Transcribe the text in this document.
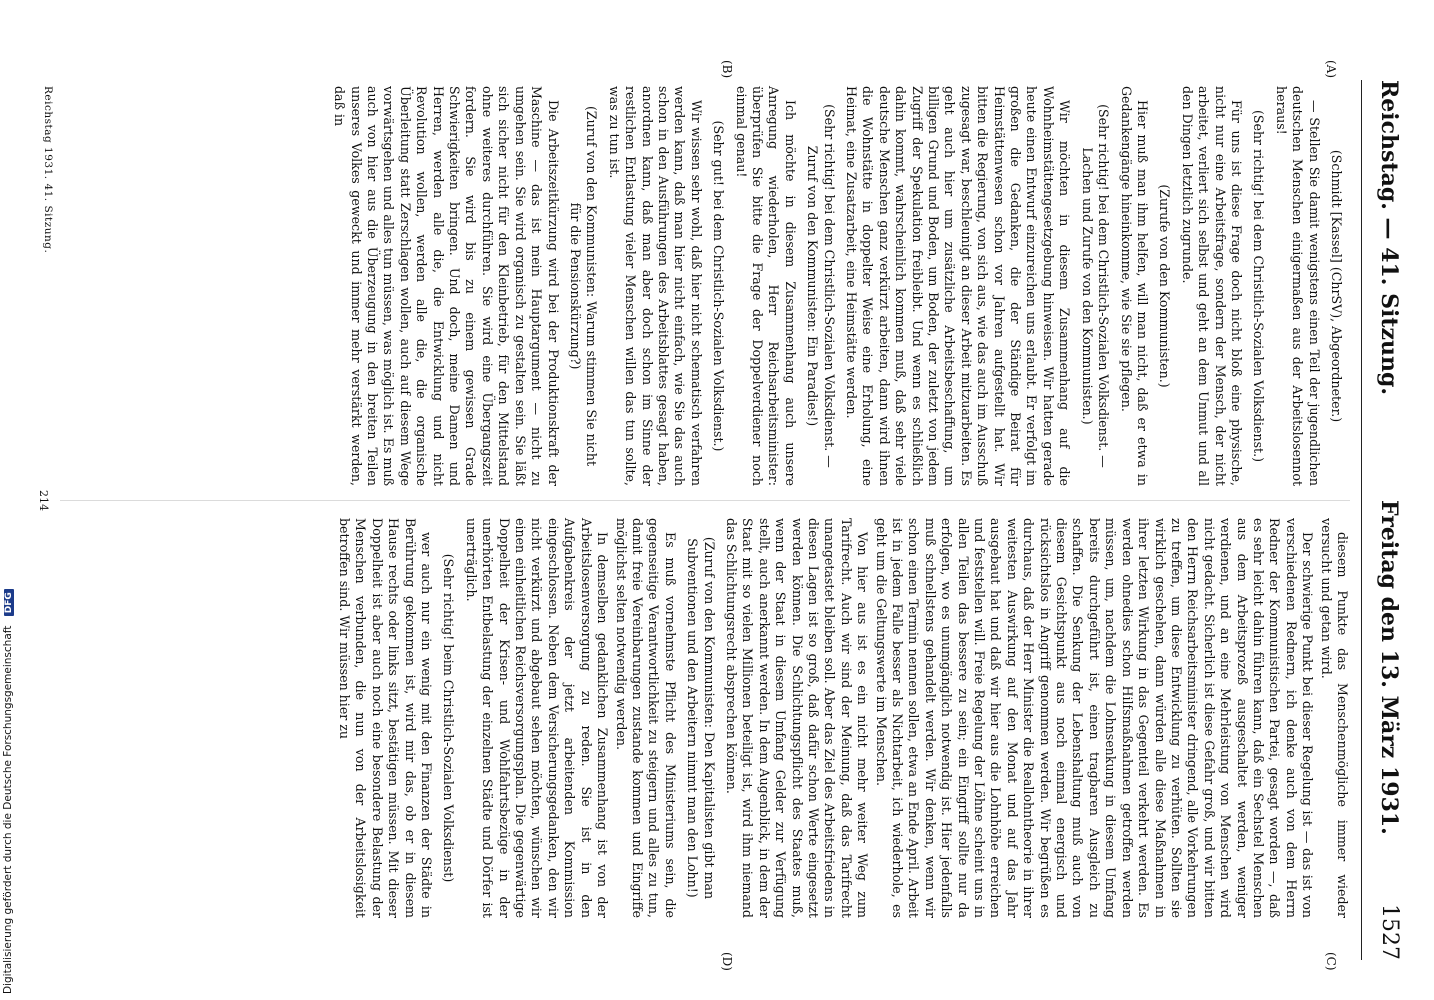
Reichstag. — 41. Sitzung.
Freitag den 13. März 1931.
1527
(A)
(B)
(C)
(D)

(Schmidt [Kassel] (ChrSV), Abgeordneter.)

— Stellen Sie damit wenigstens einen Teil der jugendlichen deutschen Menschen einigermaßen aus der Arbeitslosennot heraus!

(Sehr richtig! bei dem Christlich-Sozialen Volksdienst.)

Für uns ist diese Frage doch nicht bloß eine physische, nicht nur eine Arbeitsfrage, sondern der Mensch, der nicht arbeitet, verliert sich selbst und geht an dem Unmut und all den Dingen letztlich zugrunde.

(Zurufe von den Kommunisten.)

Hier muß man ihm helfen, will man nicht, daß er etwa in Gedankengänge hineinkomme, wie Sie sie pflegen.

(Sehr richtig! bei dem Christlich-Sozialen Volksdienst. — Lachen und Zurufe von den Kommunisten.)

Wir möchten in diesem Zusammenhang auf die Wohnheimstättengesetzgebung hinweisen. Wir hatten gerade heute einen Entwurf einzureichen uns erlaubt. Er verfolgt im großen die Gedanken, die der Ständige Beirat für Heimstättenwesen schon vor Jahren aufgestellt hat. Wir bitten die Regierung, von sich aus, wie das auch im Ausschuß zugesagt war, beschleunigt an dieser Arbeit mitzuarbeiten. Es geht auch hier um zusätzliche Arbeitsbeschaffung, um billigen Grund und Boden, um Boden, der zuletzt von jedem Zugriff der Spekulation freibleibt. Und wenn es schließlich dahin kommt, wahrscheinlich kommen muß, daß sehr viele deutsche Menschen ganz verkürzt arbeiten, dann wird ihnen die Wohnstätte in doppelter Weise eine Erholung, eine Heimat, eine Zusatzarbeit, eine Heimstätte werden.

(Sehr richtig! bei dem Christlich-Sozialen Volksdienst. — Zuruf von den Kommunisten: Ein Paradies!)

Ich möchte in diesem Zusammenhang auch unsere Anregung wiederholen, Herr Reichsarbeitsminister: überprüfen Sie bitte die Frage der Doppelverdiener noch einmal genau!

(Sehr gut! bei dem Christlich-Sozialen Volksdienst.)

Wir wissen sehr wohl, daß hier nicht schematisch verfahren werden kann, daß man hier nicht einfach, wie Sie das auch schon in den Ausführungen des Arbeitsblattes gesagt haben, anordnen kann, daß man aber doch schon im Sinne der restlichen Entlastung vieler Menschen willen das tun sollte, was zu tun ist.

(Zuruf von den Kommunisten: Warum stimmen Sie nicht für die Pensionskürzung?)

Die Arbeitszeitkürzung wird bei der Produktionskraft der Maschine — das ist mein Hauptargument — nicht zu umgehen sein. Sie wird organisch zu gestalten sein. Sie läßt sich sicher nicht für den Kleinbetrieb, für den Mittelstand ohne weiteres durchführen. Sie wird eine Übergangszeit fordern. Sie wird bis zu einem gewissen Grade Schwierigkeiten bringen. Und doch, meine Damen und Herren, werden alle die, die Entwicklung und nicht Revolution wollen, werden alle die, die organische Überleitung statt Zerschlagen wollen, auch auf diesem Wege vorwärtsgehen und alles tun müssen, was möglich ist. Es muß auch von hier aus die Überzeugung in den breiten Teilen unseres Volkes geweckt und immer mehr verstärkt werden, daß in

diesem Punkte das Menschenmögliche immer wieder versucht und getan wird.

Der schwierige Punkt bei dieser Regelung ist — das ist von verschiedenen Rednern, ich denke auch von dem Herrn Redner der Kommunistischen Partei, gesagt worden —, daß es sehr leicht dahin führen kann, daß ein Sechstel Menschen aus dem Arbeitsprozeß ausgeschaltet werden, weniger verdienen, und an eine Mehrleistung von Menschen wird nicht gedacht. Sicherlich ist diese Gefahr groß, und wir bitten den Herrn Reichsarbeitsminister dringend, alle Vorkehrungen zu treffen, um diese Entwicklung zu verhüten. Sollten sie wirklich geschehen, dann würden alle diese Maßnahmen in ihrer letzten Wirkung in das Gegenteil verkehrt werden. Es werden ohnedies schon Hilfsmaßnahmen getroffen werden müssen, um, nachdem die Lohnsenkung in diesem Umfang bereits durchgeführt ist, einen tragbaren Ausgleich zu schaffen. Die Senkung der Lebenshaltung muß auch von diesem Gesichtspunkt aus noch einmal energisch und rücksichtslos in Angriff genommen werden. Wir begrüßen es durchaus, daß der Herr Minister die Reallohntheorie in ihrer weitesten Auswirkung auf den Monat und auf das Jahr ausgebaut hat und daß wir hier aus die Lohnhöhe erreichen und feststellen will. Freie Regelung der Löhne scheint uns in allen Teilen das bessere zu sein; ein Eingriff sollte nur da erfolgen, wo es unumgänglich notwendig ist. Hier jedenfalls muß schnellstens gehandelt werden. Wir denken, wenn wir schon einen Termin nennen sollen, etwa an Ende April. Arbeit ist in jedem Falle besser als Nichtarbeit, ich wiederhole, es geht um die Geltungswerte im Menschen.

Von hier aus ist es ein nicht mehr weiter Weg zum Tarifrecht. Auch wir sind der Meinung, daß das Tarifrecht unangetastet bleiben soll. Aber das Ziel des Arbeitsfriedens in diesen Lagen ist so groß, daß dafür schon Werte eingesetzt werden können. Die Schlichtungspflicht des Staates muß, wenn der Staat in diesem Umfang Gelder zur Verfügung stellt, auch anerkannt werden. In dem Augenblick, in dem der Staat mit so vielen Millionen beteiligt ist, wird ihm niemand das Schlichtungsrecht absprechen können.

(Zuruf von den Kommunisten: Den Kapitalisten gibt man Subventionen und den Arbeitern nimmt man den Lohn!)

Es muß vornehmste Pflicht des Ministeriums sein, die gegenseitige Verantwortlichkeit zu steigern und alles zu tun, damit freie Vereinbarungen zustande kommen und Eingriffe möglichst selten notwendig werden.

In demselben gedanklichen Zusammenhang ist von der Arbeitslosenversorgung zu reden. Sie ist in den Aufgabenkreis der jetzt arbeitenden Kommission eingeschlossen. Neben dem Versicherungsgedanken, den wir nicht verkürzt und abgebaut sehen möchten, wünschen wir einen einheitlichen Reichsversorgungsplan. Die gegenwärtige Doppelheit der Krisen- und Wohlfahrtsbezüge in der unerhörten Entbelastung der einzelnen Städte und Dörfer ist unerträglich.

(Sehr richtig! beim Christlich-Sozialen Volksdienst)

wer auch nur ein wenig mit den Finanzen der Städte in Berührung gekommen ist, wird mir das, ob er in diesem Hause rechts oder links sitzt, bestätigen müssen. Mit dieser Doppelheit ist aber auch noch eine besondere Belastung der Menschen verbunden, die nun von der Arbeitslosigkeit betroffen sind. Wir müssen hier zu

Reichstag 1931. 41. Sitzung.
214
Digitalisierung gefördert durch die Deutsche Forschungsgemeinschaft DFG
